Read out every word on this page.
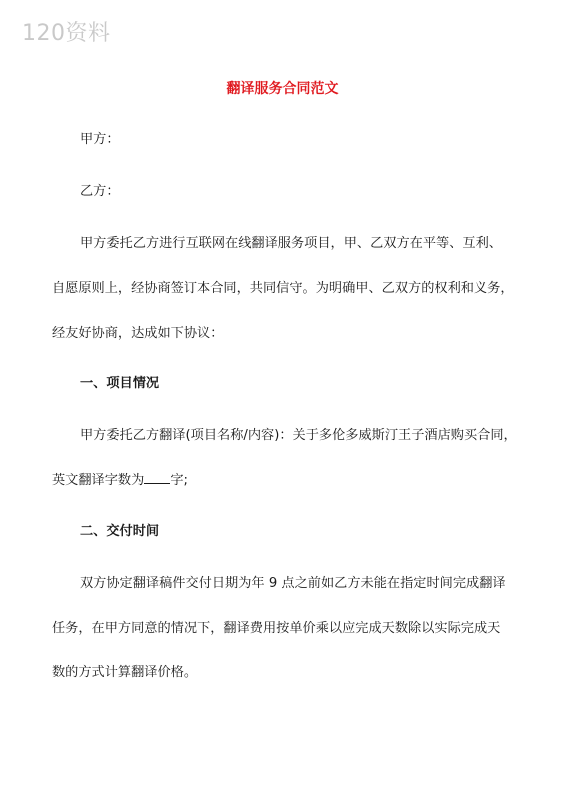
120资料
翻译服务合同范文
甲方：
乙方：
甲方委托乙方进行互联网在线翻译服务项目，甲、乙双方在平等、互利、
自愿原则上，经协商签订本合同，共同信守。为明确甲、乙双方的权利和义务，
经友好协商，达成如下协议：
一、项目情况
甲方委托乙方翻译(项目名称/内容)：关于多伦多威斯汀王子酒店购买合同，
英文翻译字数为 字;
二、交付时间
双方协定翻译稿件交付日期为年 9 点之前如乙方未能在指定时间完成翻译
任务，在甲方同意的情况下，翻译费用按单价乘以应完成天数除以实际完成天
数的方式计算翻译价格。
